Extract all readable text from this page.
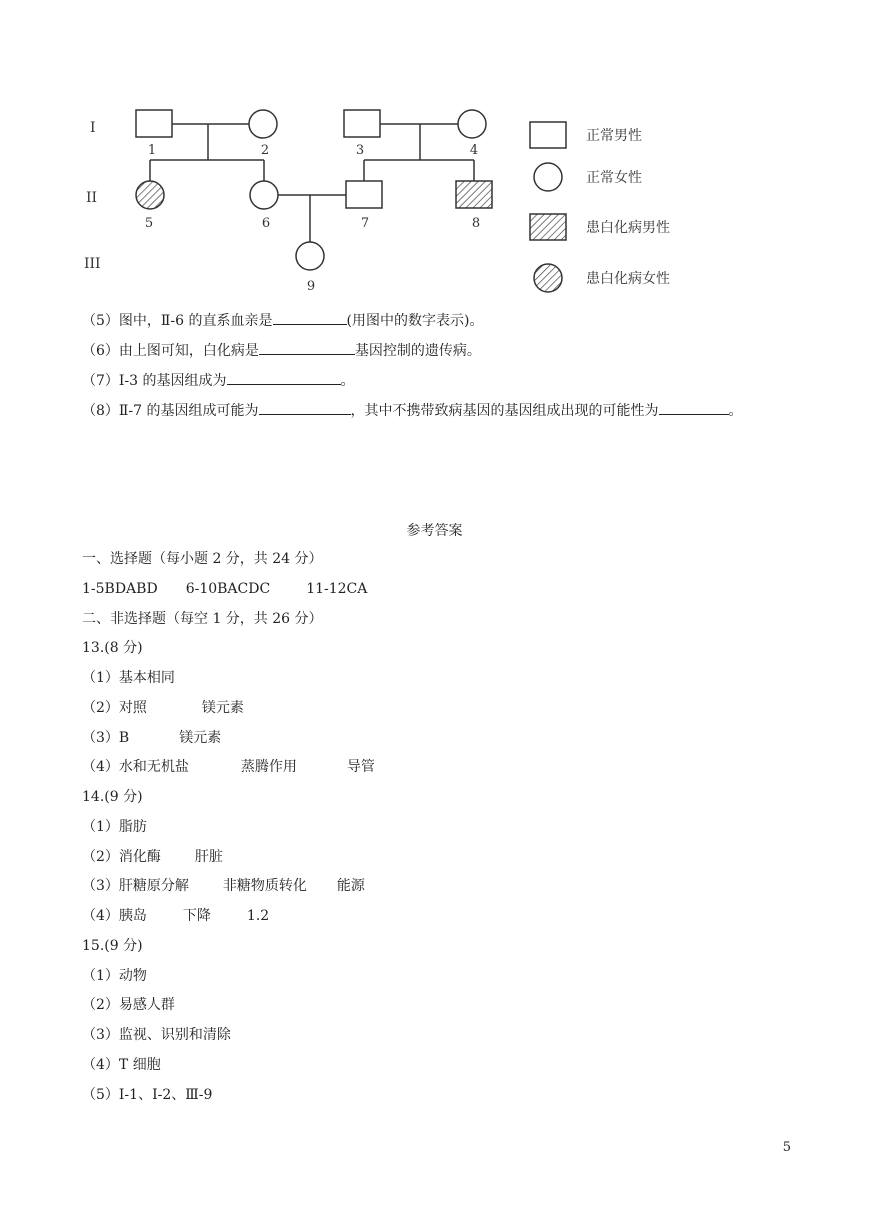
I
II
III
1	2	3	4
5	6	7	8
9
正常男性
正常女性
患白化病男性
患白化病女性
（5）图中，Ⅱ-6 的直系血亲是	(用图中的数字表示)。
（6）由上图可知，白化病是	基因控制的遗传病。
（7）Ⅰ-3 的基因组成为	。
（8）Ⅱ-7 的基因组成可能为	，其中不携带致病基因的基因组成出现的可能性为	。
参考答案
一、选择题（每小题 2 分，共 24 分）
1-5BDABD 6-10BACDC	11-12CA
二、非选择题（每空 1 分，共 26 分）
13.(8 分)
（1）基本相同
（2）对照	镁元素
（3）B	镁元素
（4）水和无机盐	蒸腾作用	导管
14.(9 分)
（1）脂肪
（2）消化酶 肝脏
（3）肝糖原分解 非糖物质转化 能源
（4）胰岛	下降	1.2
15.(9 分)
（1）动物
（2）易感人群
（3）监视、识别和清除
（4）T 细胞
（5）Ⅰ-1、Ⅰ-2、Ⅲ-9
5
